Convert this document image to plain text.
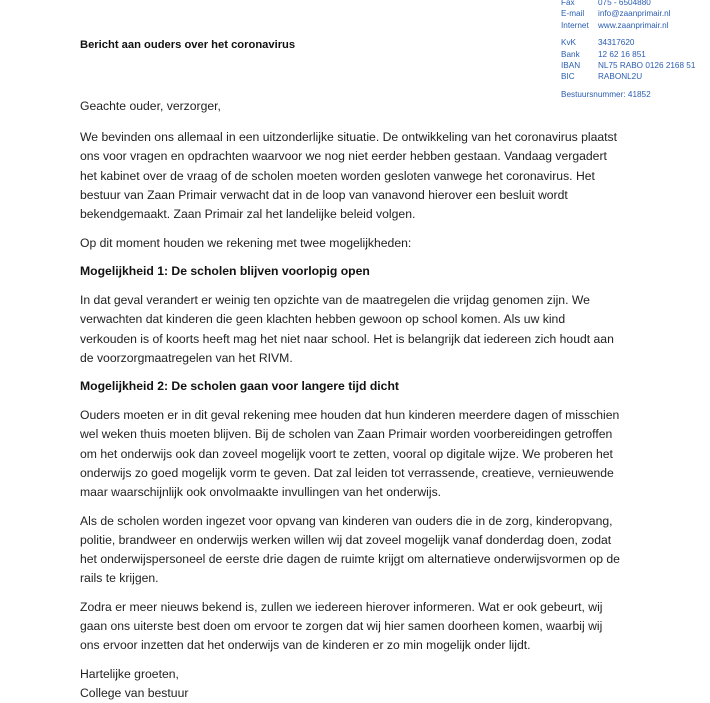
Fax	075 - 6504880
E-mail info@zaanprimair.nl
Internet www.zaanprimair.nl
KvK	34317620
Bank 12 62 16 851
IBAN NL75 RABO 0126 2168 51
BIC	RABONL2U
Bestuursnummer: 41852
Bericht aan ouders over het coronavirus

Geachte ouder, verzorger,

We bevinden ons allemaal in een uitzonderlijke situatie. De ontwikkeling van het coronavirus plaatst ons voor vragen en opdrachten waarvoor we nog niet eerder hebben gestaan. Vandaag vergadert het kabinet over de vraag of de scholen moeten worden gesloten vanwege het coronavirus. Het bestuur van Zaan Primair verwacht dat in de loop van vanavond hierover een besluit wordt bekendgemaakt. Zaan Primair zal het landelijke beleid volgen.

Op dit moment houden we rekening met twee mogelijkheden:

Mogelijkheid 1: De scholen blijven voorlopig open

In dat geval verandert er weinig ten opzichte van de maatregelen die vrijdag genomen zijn. We verwachten dat kinderen die geen klachten hebben gewoon op school komen. Als uw kind verkouden is of koorts heeft mag het niet naar school. Het is belangrijk dat iedereen zich houdt aan de voorzorgmaatregelen van het RIVM.

Mogelijkheid 2: De scholen gaan voor langere tijd dicht

Ouders moeten er in dit geval rekening mee houden dat hun kinderen meerdere dagen of misschien wel weken thuis moeten blijven. Bij de scholen van Zaan Primair worden voorbereidingen getroffen om het onderwijs ook dan zoveel mogelijk voort te zetten, vooral op digitale wijze. We proberen het onderwijs zo goed mogelijk vorm te geven. Dat zal leiden tot verrassende, creatieve, vernieuwende maar waarschijnlijk ook onvolmaakte invullingen van het onderwijs.

Als de scholen worden ingezet voor opvang van kinderen van ouders die in de zorg, kinderopvang, politie, brandweer en onderwijs werken willen wij dat zoveel mogelijk vanaf donderdag doen, zodat het onderwijspersoneel de eerste drie dagen de ruimte krijgt om alternatieve onderwijsvormen op de rails te krijgen.

Zodra er meer nieuws bekend is, zullen we iedereen hierover informeren. Wat er ook gebeurt, wij gaan ons uiterste best doen om ervoor te zorgen dat wij hier samen doorheen komen, waarbij wij ons ervoor inzetten dat het onderwijs van de kinderen er zo min mogelijk onder lijdt.

Hartelijke groeten,

College van bestuur
